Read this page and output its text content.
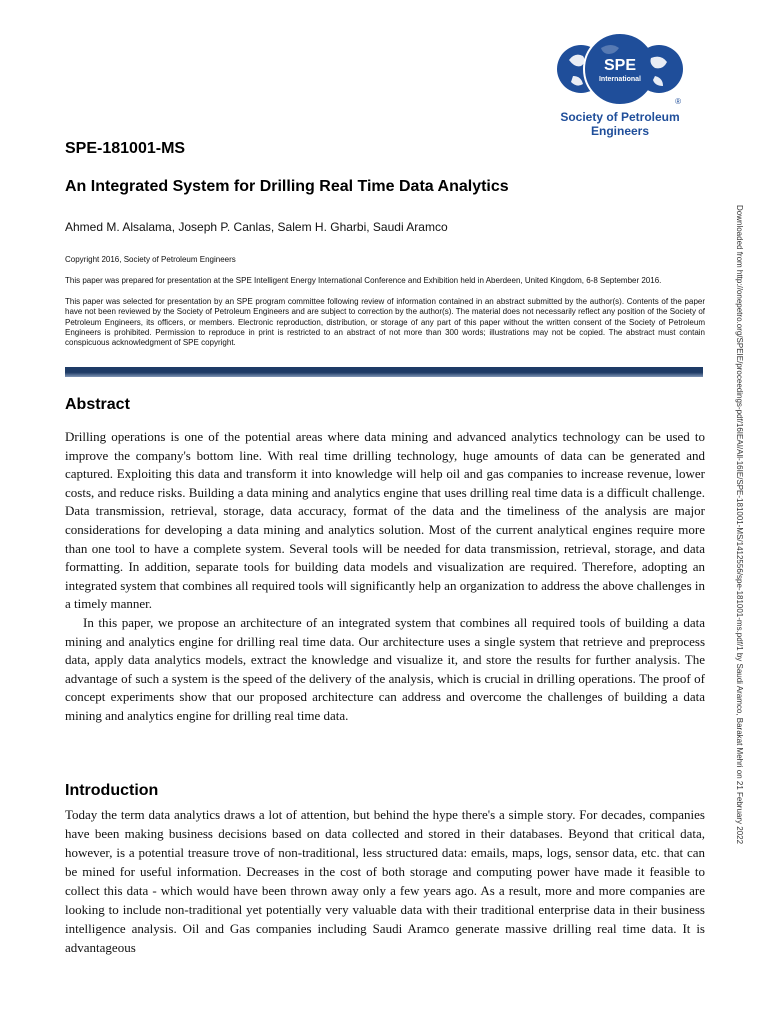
SPE
International
®
Society of Petroleum Engineers
SPE-181001-MS
An Integrated System for Drilling Real Time Data Analytics
Ahmed M. Alsalama, Joseph P. Canlas, Salem H. Gharbi, Saudi Aramco
Copyright 2016, Society of Petroleum Engineers
This paper was prepared for presentation at the SPE Intelligent Energy International Conference and Exhibition held in Aberdeen, United Kingdom, 6-8 September 2016.
This paper was selected for presentation by an SPE program committee following review of information contained in an abstract submitted by the author(s). Contents of the paper have not been reviewed by the Society of Petroleum Engineers and are subject to correction by the author(s). The material does not necessarily reflect any position of the Society of Petroleum Engineers, its officers, or members. Electronic reproduction, distribution, or storage of any part of this paper without the written consent of the Society of Petroleum Engineers is prohibited. Permission to reproduce in print is restricted to an abstract of not more than 300 words; illustrations may not be copied. The abstract must contain conspicuous acknowledgment of SPE copyright.
Abstract

Drilling operations is one of the potential areas where data mining and advanced analytics technology can be used to improve the company's bottom line. With real time drilling technology, huge amounts of data can be generated and captured. Exploiting this data and transform it into knowledge will help oil and gas companies to increase revenue, lower costs, and reduce risks. Building a data mining and analytics engine that uses drilling real time data is a difficult challenge. Data transmission, retrieval, storage, data accuracy, format of the data and the timeliness of the analysis are major considerations for developing a data mining and analytics solution. Most of the current analytical engines require more than one tool to have a complete system. Several tools will be needed for data transmission, retrieval, storage, and data formatting. In addition, separate tools for building data models and visualization are required. Therefore, adopting an integrated system that combines all required tools will significantly help an organization to address the above challenges in a timely manner.

In this paper, we propose an architecture of an integrated system that combines all required tools of building a data mining and analytics engine for drilling real time data. Our architecture uses a single system that retrieve and preprocess data, apply data analytics models, extract the knowledge and visualize it, and store the results for further analysis. The advantage of such a system is the speed of the delivery of the analysis, which is crucial in drilling operations. The proof of concept experiments show that our proposed architecture can address and overcome the challenges of building a data mining and analytics engine for drilling real time data.

Introduction

Today the term data analytics draws a lot of attention, but behind the hype there's a simple story. For decades, companies have been making business decisions based on data collected and stored in their databases. Beyond that critical data, however, is a potential treasure trove of non-traditional, less structured data: emails, maps, logs, sensor data, etc. that can be mined for useful information. Decreases in the cost of both storage and computing power have made it feasible to collect this data - which would have been thrown away only a few years ago. As a result, more and more companies are looking to include non-traditional yet potentially very valuable data with their traditional enterprise data in their business intelligence analysis. Oil and Gas companies including Saudi Aramco generate massive drilling real time data. It is advantageous

Downloaded from http://onepetro.org/SPEIE/proceedings-pdf/16IEAI/All-16IE/SPE-181001-MS/1412556/spe-181001-ms.pdf/1 by Saudi Aramco, Barakat Mehri on 21 February 2022
